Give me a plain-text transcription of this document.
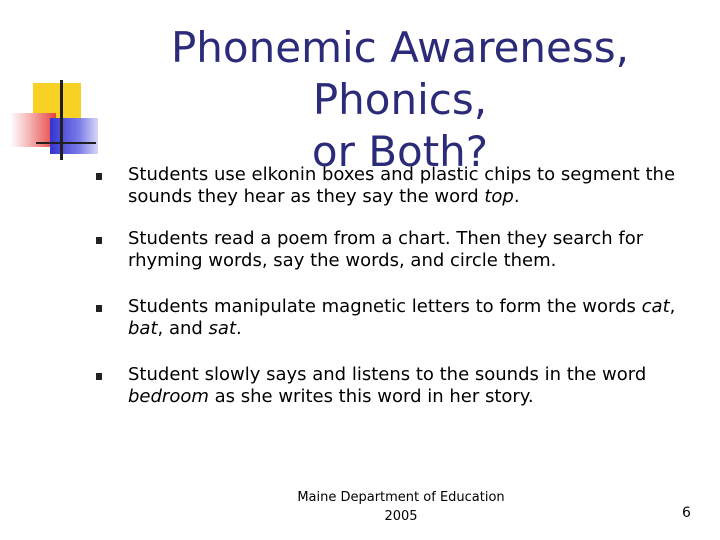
Phonemic Awareness, Phonics,
or Both?

Students use elkonin boxes and plastic chips to segment the sounds they hear as they say the word top.

Students read a poem from a chart. Then they search for rhyming words, say the words, and circle them.

Students manipulate magnetic letters to form the words cat, bat, and sat.

Student slowly says and listens to the sounds in the word bedroom as she writes this word in her story.

Maine Department of Education
2005	6
